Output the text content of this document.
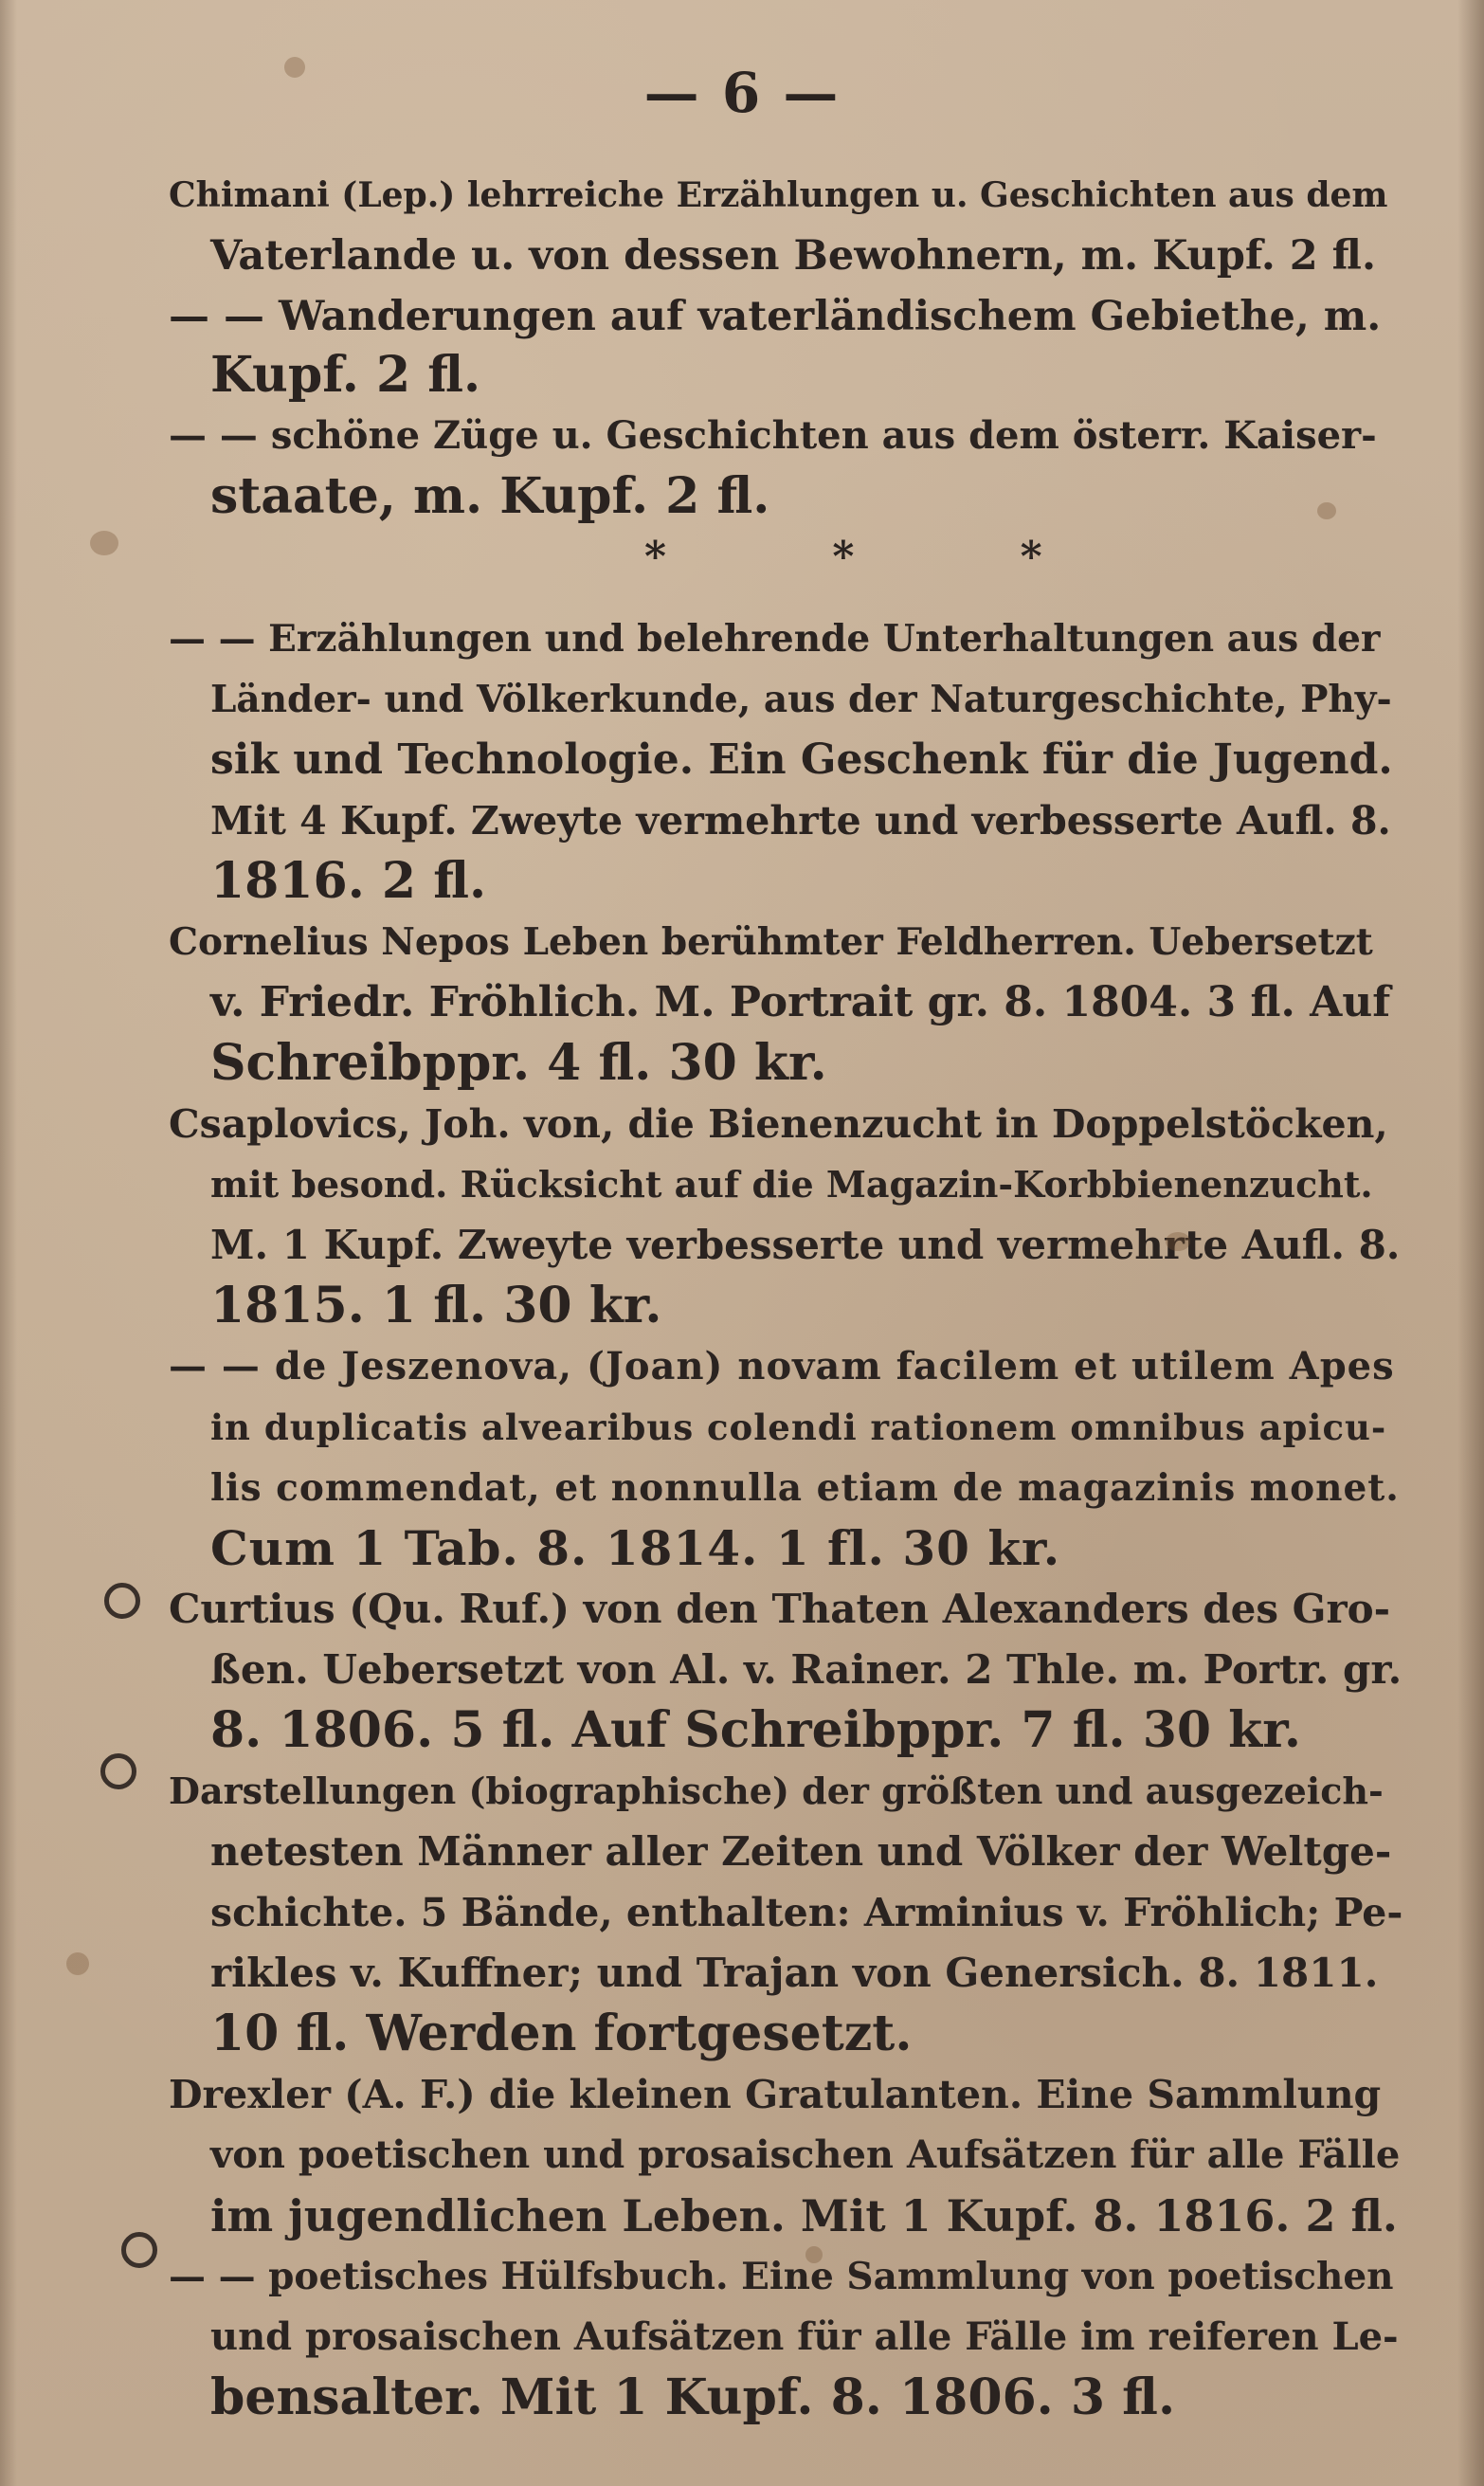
— 6 —
Chimani (Lep.) lehrreiche Erzählungen u. Geschichten aus dem
Vaterlande u. von dessen Bewohnern, m. Kupf. 2 fl.
— — Wanderungen auf vaterländischem Gebiethe, m.
Kupf. 2 fl.
— — schöne Züge u. Geschichten aus dem österr. Kaiser-
staate, m. Kupf. 2 fl.
* * *
— — Erzählungen und belehrende Unterhaltungen aus der
Länder- und Völkerkunde, aus der Naturgeschichte, Phy-
sik und Technologie. Ein Geschenk für die Jugend.
Mit 4 Kupf. Zweyte vermehrte und verbesserte Aufl. 8.
1816. 2 fl.
Cornelius Nepos Leben berühmter Feldherren. Uebersetzt
v. Friedr. Fröhlich. M. Portrait gr. 8. 1804. 3 fl. Auf
Schreibppr. 4 fl. 30 kr.
Csaplovics, Joh. von, die Bienenzucht in Doppelstöcken,
mit besond. Rücksicht auf die Magazin-Korbbienenzucht.
M. 1 Kupf. Zweyte verbesserte und vermehrte Aufl. 8.
1815. 1 fl. 30 kr.
— — de Jeszenova, (Joan) novam facilem et utilem Apes
in duplicatis alvearibus colendi rationem omnibus apicu-
lis commendat, et nonnulla etiam de magazinis monet.
Cum 1 Tab. 8. 1814. 1 fl. 30 kr.
Curtius (Qu. Ruf.) von den Thaten Alexanders des Gro-
ßen. Uebersetzt von Al. v. Rainer. 2 Thle. m. Portr. gr.
8. 1806. 5 fl. Auf Schreibppr. 7 fl. 30 kr.
Darstellungen (biographische) der größten und ausgezeich-
netesten Männer aller Zeiten und Völker der Weltge-
schichte. 5 Bände, enthalten: Arminius v. Fröhlich; Pe-
rikles v. Kuffner; und Trajan von Genersich. 8. 1811.
10 fl. Werden fortgesetzt.
Drexler (A. F.) die kleinen Gratulanten. Eine Sammlung
von poetischen und prosaischen Aufsätzen für alle Fälle
im jugendlichen Leben. Mit 1 Kupf. 8. 1816. 2 fl.
— — poetisches Hülfsbuch. Eine Sammlung von poetischen
und prosaischen Aufsätzen für alle Fälle im reiferen Le-
bensalter. Mit 1 Kupf. 8. 1806. 3 fl.
